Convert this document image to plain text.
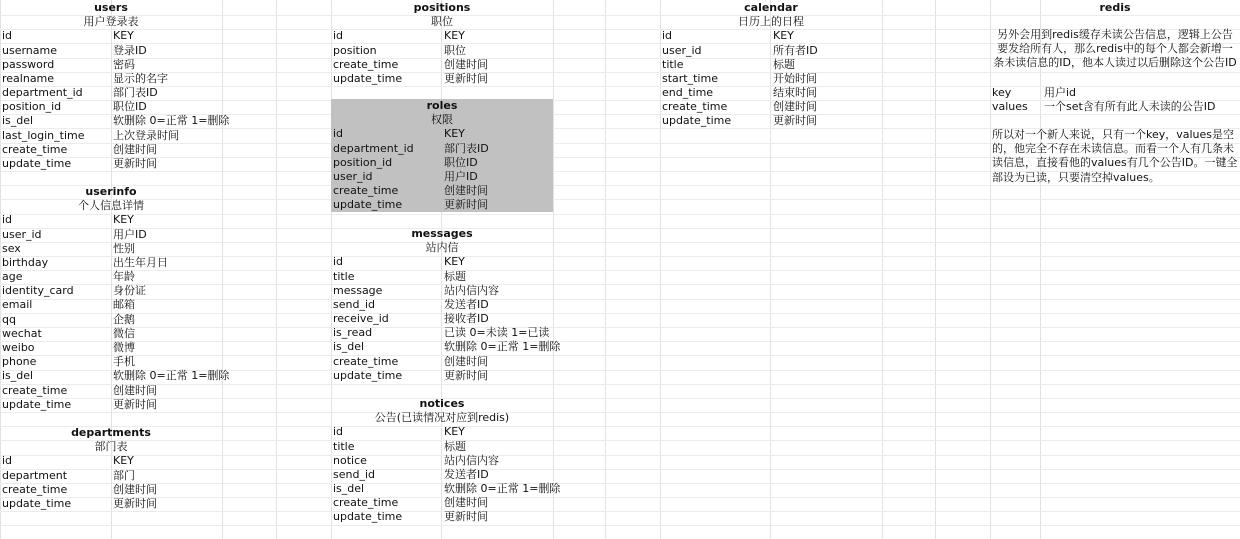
users
用户登录表
id	KEY
username	登录ID
password	密码
realname	显示的名字
department_id	部门表ID
position_id	职位ID
is_del	软删除 0=正常 1=删除
last_login_time	上次登录时间
create_time	创建时间
update_time	更新时间
userinfo
个人信息详情
id	KEY
user_id	用户ID
sex	性别
birthday	出生年月日
age	年龄
identity_card	身份证
email	邮箱
qq	企鹅
wechat	微信
weibo	微博
phone	手机
is_del	软删除 0=正常 1=删除
create_time	创建时间
update_time	更新时间
departments
部门表
id	KEY
department	部门
create_time	创建时间
update_time	更新时间
positions
职位
id	KEY
position	职位
create_time	创建时间
update_time	更新时间
roles
权限
id	KEY
department_id	部门表ID
position_id	职位ID
user_id	用户ID
create_time	创建时间
update_time	更新时间
messages
站内信
id	KEY
title	标题
message	站内信内容
send_id	发送者ID
receive_id	接收者ID
is_read	已读 0=未读 1=已读
is_del	软删除 0=正常 1=删除
create_time	创建时间
update_time	更新时间
notices
公告(已读情况对应到redis)
id	KEY
title	标题
notice	站内信内容
send_id	发送者ID
is_del	软删除 0=正常 1=删除
create_time	创建时间
update_time	更新时间
calendar
日历上的日程
id	KEY
user_id	所有者ID
title	标题
start_time	开始时间
end_time	结束时间
create_time	创建时间
update_time	更新时间
redis
另外会用到redis缓存未读公告信息，逻辑上公告
要发给所有人，那么redis中的每个人都会新增一
条未读信息的ID，他本人读过以后删除这个公告ID
key	用户id
values 一个set含有所有此人未读的公告ID
所以对一个新人来说，只有一个key，values是空
的，他完全不存在未读信息。而看一个人有几条未
读信息，直接看他的values有几个公告ID。一键全
部设为已读，只要清空掉values。
